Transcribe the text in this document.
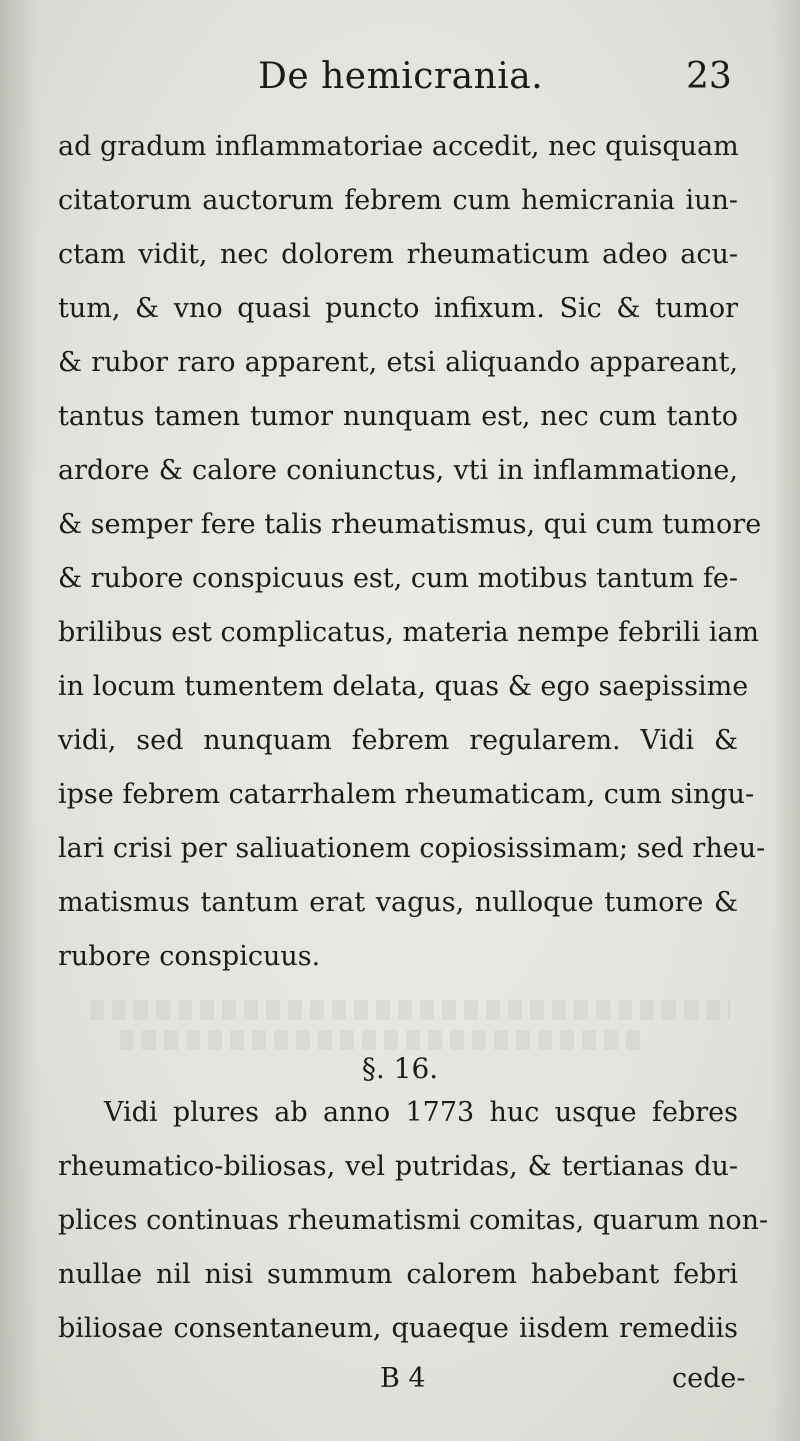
De hemicrania.	23
ad gradum inflammatoriae accedit, nec quisquam
citatorum auctorum febrem cum hemicrania iun-
ctam vidit, nec dolorem rheumaticum adeo acu-
tum, & vno quasi puncto infixum. Sic & tumor
& rubor raro apparent, etsi aliquando appareant,
tantus tamen tumor nunquam est, nec cum tanto
ardore & calore coniunctus, vti in inflammatione,
& semper fere talis rheumatismus, qui cum tumore
& rubore conspicuus est, cum motibus tantum fe-
brilibus est complicatus, materia nempe febrili iam
in locum tumentem delata, quas & ego saepissime
vidi, sed nunquam febrem regularem. Vidi &
ipse febrem catarrhalem rheumaticam, cum singu-
lari crisi per saliuationem copiosissimam; sed rheu-
matismus tantum erat vagus, nulloque tumore &
rubore conspicuus.
§. 16.
Vidi plures ab anno 1773 huc usque febres
rheumatico-biliosas, vel putridas, & tertianas du-
plices continuas rheumatismi comitas, quarum non-
nullae nil nisi summum calorem habebant febri
biliosae consentaneum, quaeque iisdem remediis
B 4	cede-
